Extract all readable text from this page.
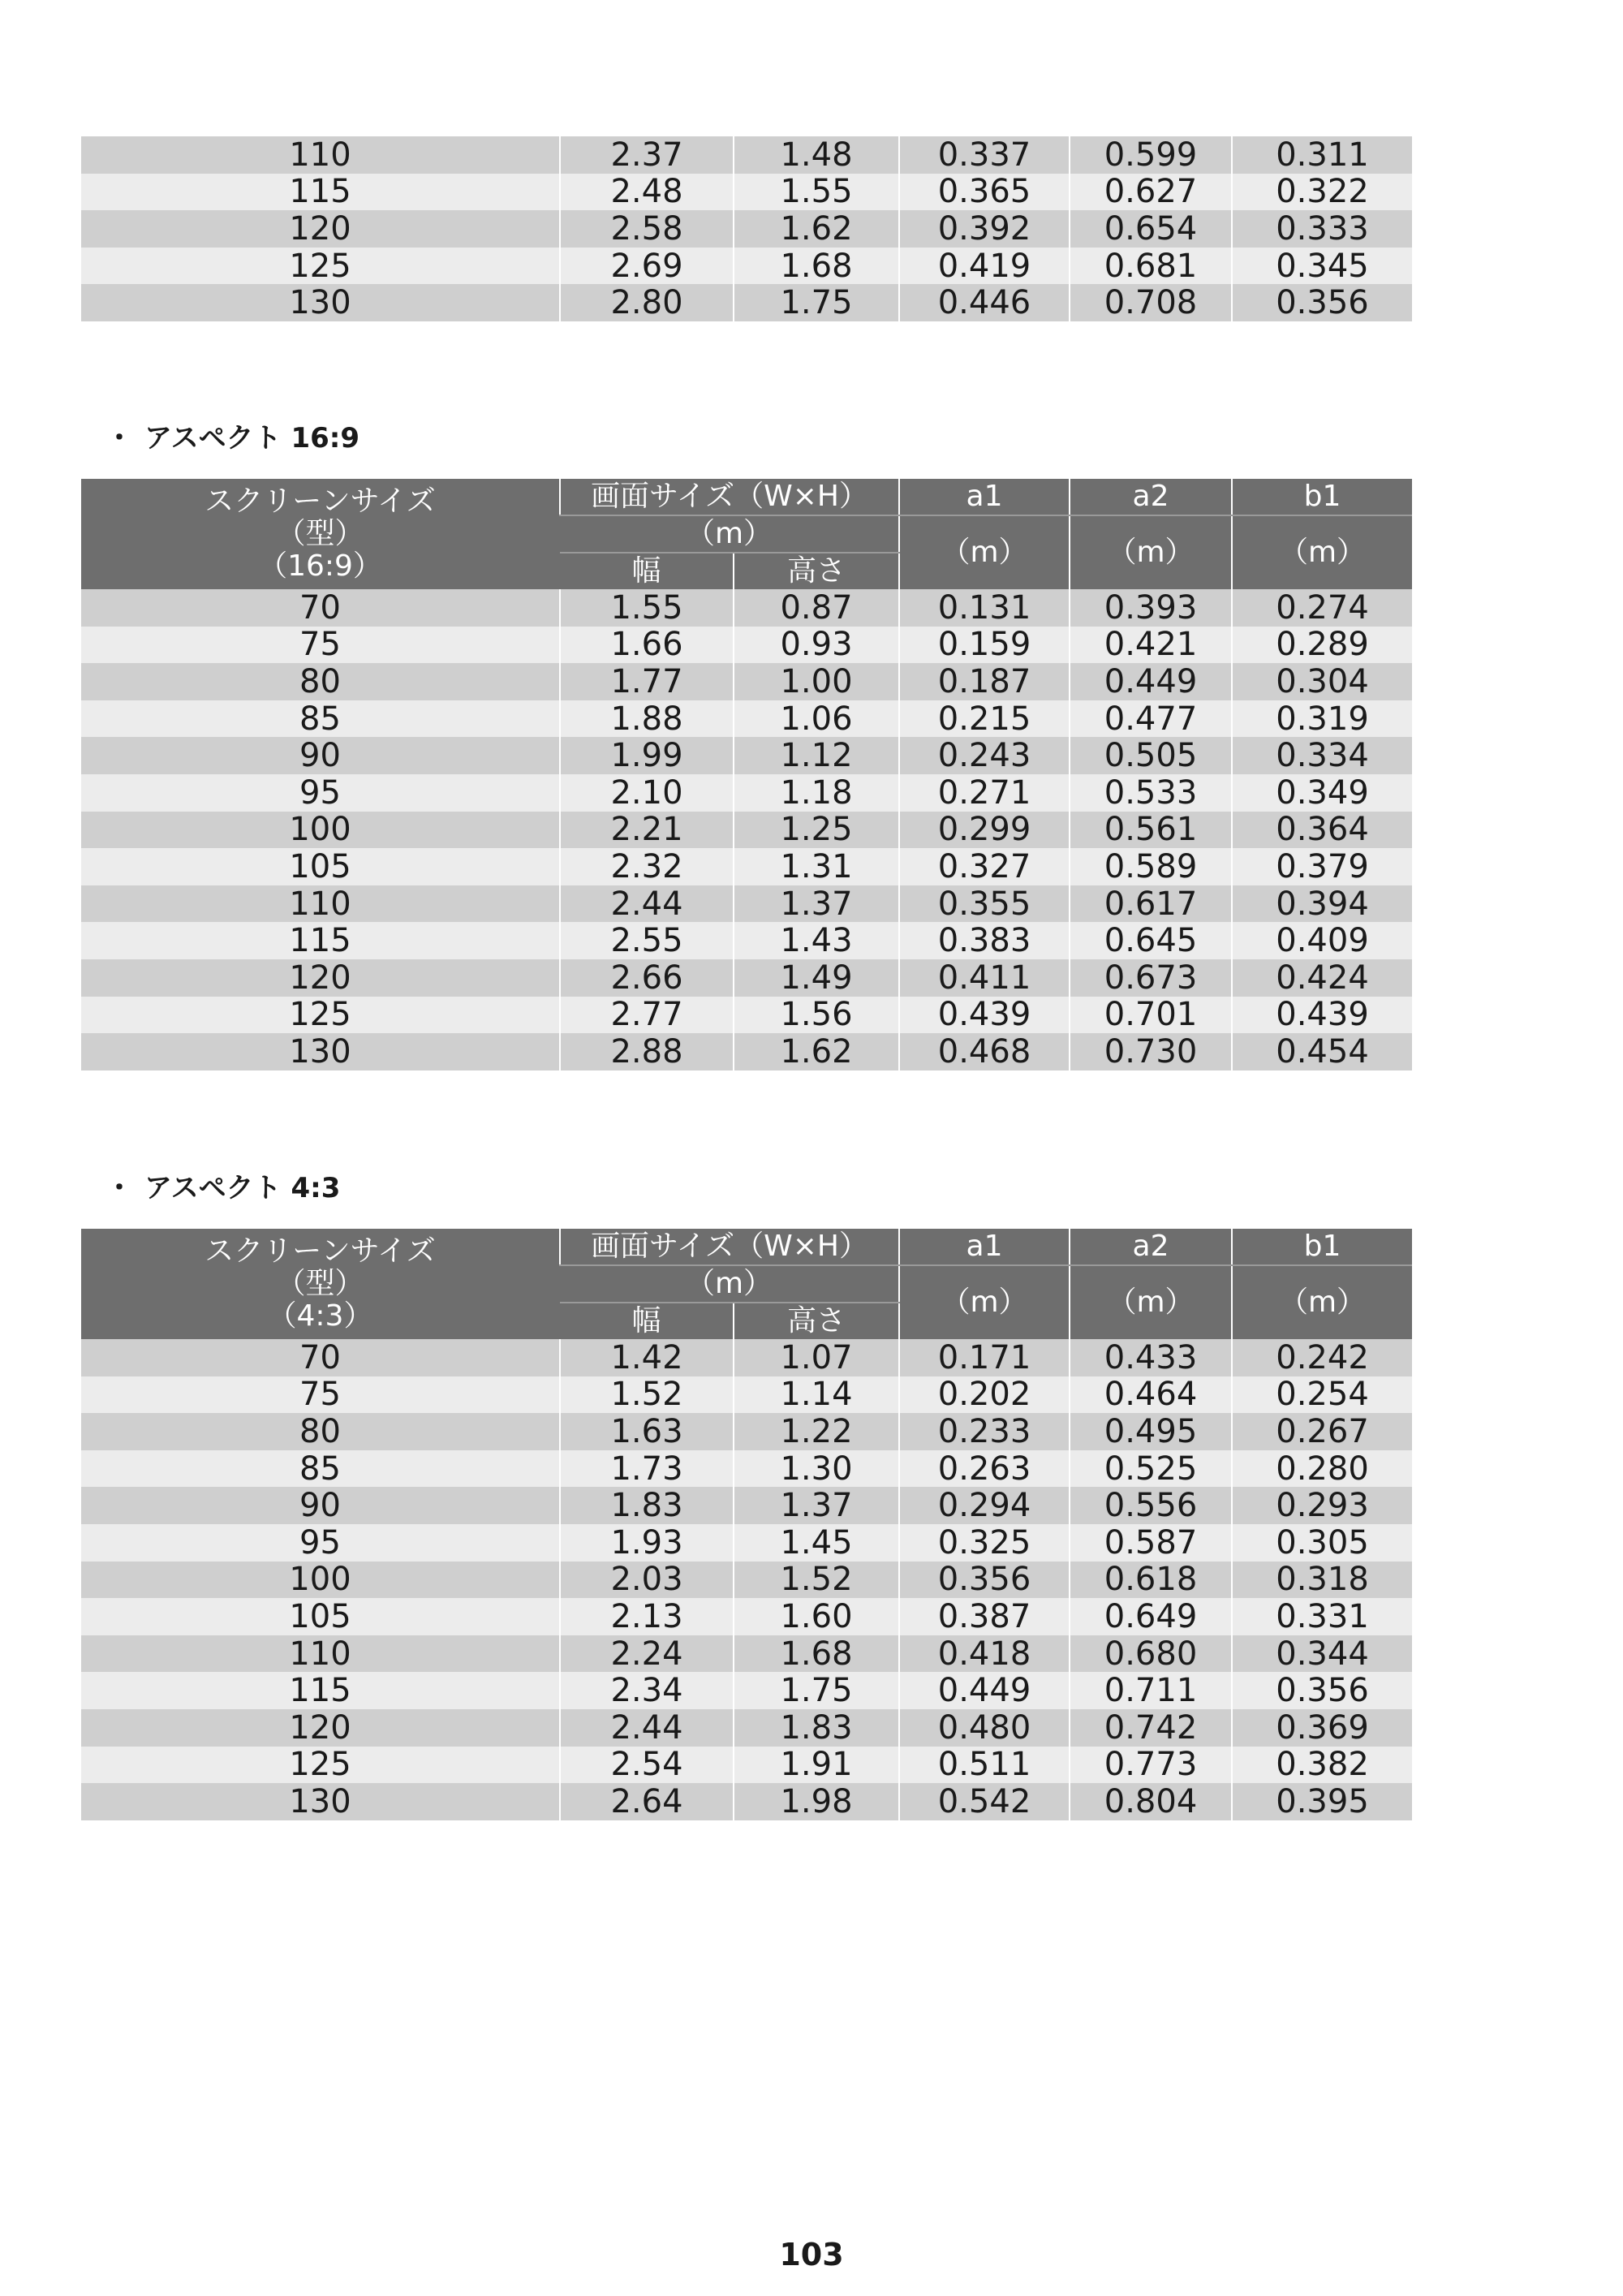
110	2.37	1.48	0.337	0.599	0.311
115	2.48	1.55	0.365	0.627	0.322
120	2.58	1.62	0.392	0.654	0.333
125	2.69	1.68	0.419	0.681	0.345
130	2.80	1.75	0.446	0.708	0.356
・ アスペクト 16:9
スクリーンサイズ
（型）
（16:9）	画面サイズ（W×H）		a1	a2	b1
	（m）		（m）	（m）	（m）
	幅	高さ			
70	1.55	0.87	0.131	0.393	0.274
75	1.66	0.93	0.159	0.421	0.289
80	1.77	1.00	0.187	0.449	0.304
85	1.88	1.06	0.215	0.477	0.319
90	1.99	1.12	0.243	0.505	0.334
95	2.10	1.18	0.271	0.533	0.349
100	2.21	1.25	0.299	0.561	0.364
105	2.32	1.31	0.327	0.589	0.379
110	2.44	1.37	0.355	0.617	0.394
115	2.55	1.43	0.383	0.645	0.409
120	2.66	1.49	0.411	0.673	0.424
125	2.77	1.56	0.439	0.701	0.439
130	2.88	1.62	0.468	0.730	0.454
・ アスペクト 4:3
スクリーンサイズ
（型）
（4:3）	画面サイズ（W×H）		a1	a2	b1
	（m）		（m）	（m）	（m）
	幅	高さ			
70	1.42	1.07	0.171	0.433	0.242
75	1.52	1.14	0.202	0.464	0.254
80	1.63	1.22	0.233	0.495	0.267
85	1.73	1.30	0.263	0.525	0.280
90	1.83	1.37	0.294	0.556	0.293
95	1.93	1.45	0.325	0.587	0.305
100	2.03	1.52	0.356	0.618	0.318
105	2.13	1.60	0.387	0.649	0.331
110	2.24	1.68	0.418	0.680	0.344
115	2.34	1.75	0.449	0.711	0.356
120	2.44	1.83	0.480	0.742	0.369
125	2.54	1.91	0.511	0.773	0.382
130	2.64	1.98	0.542	0.804	0.395
103
